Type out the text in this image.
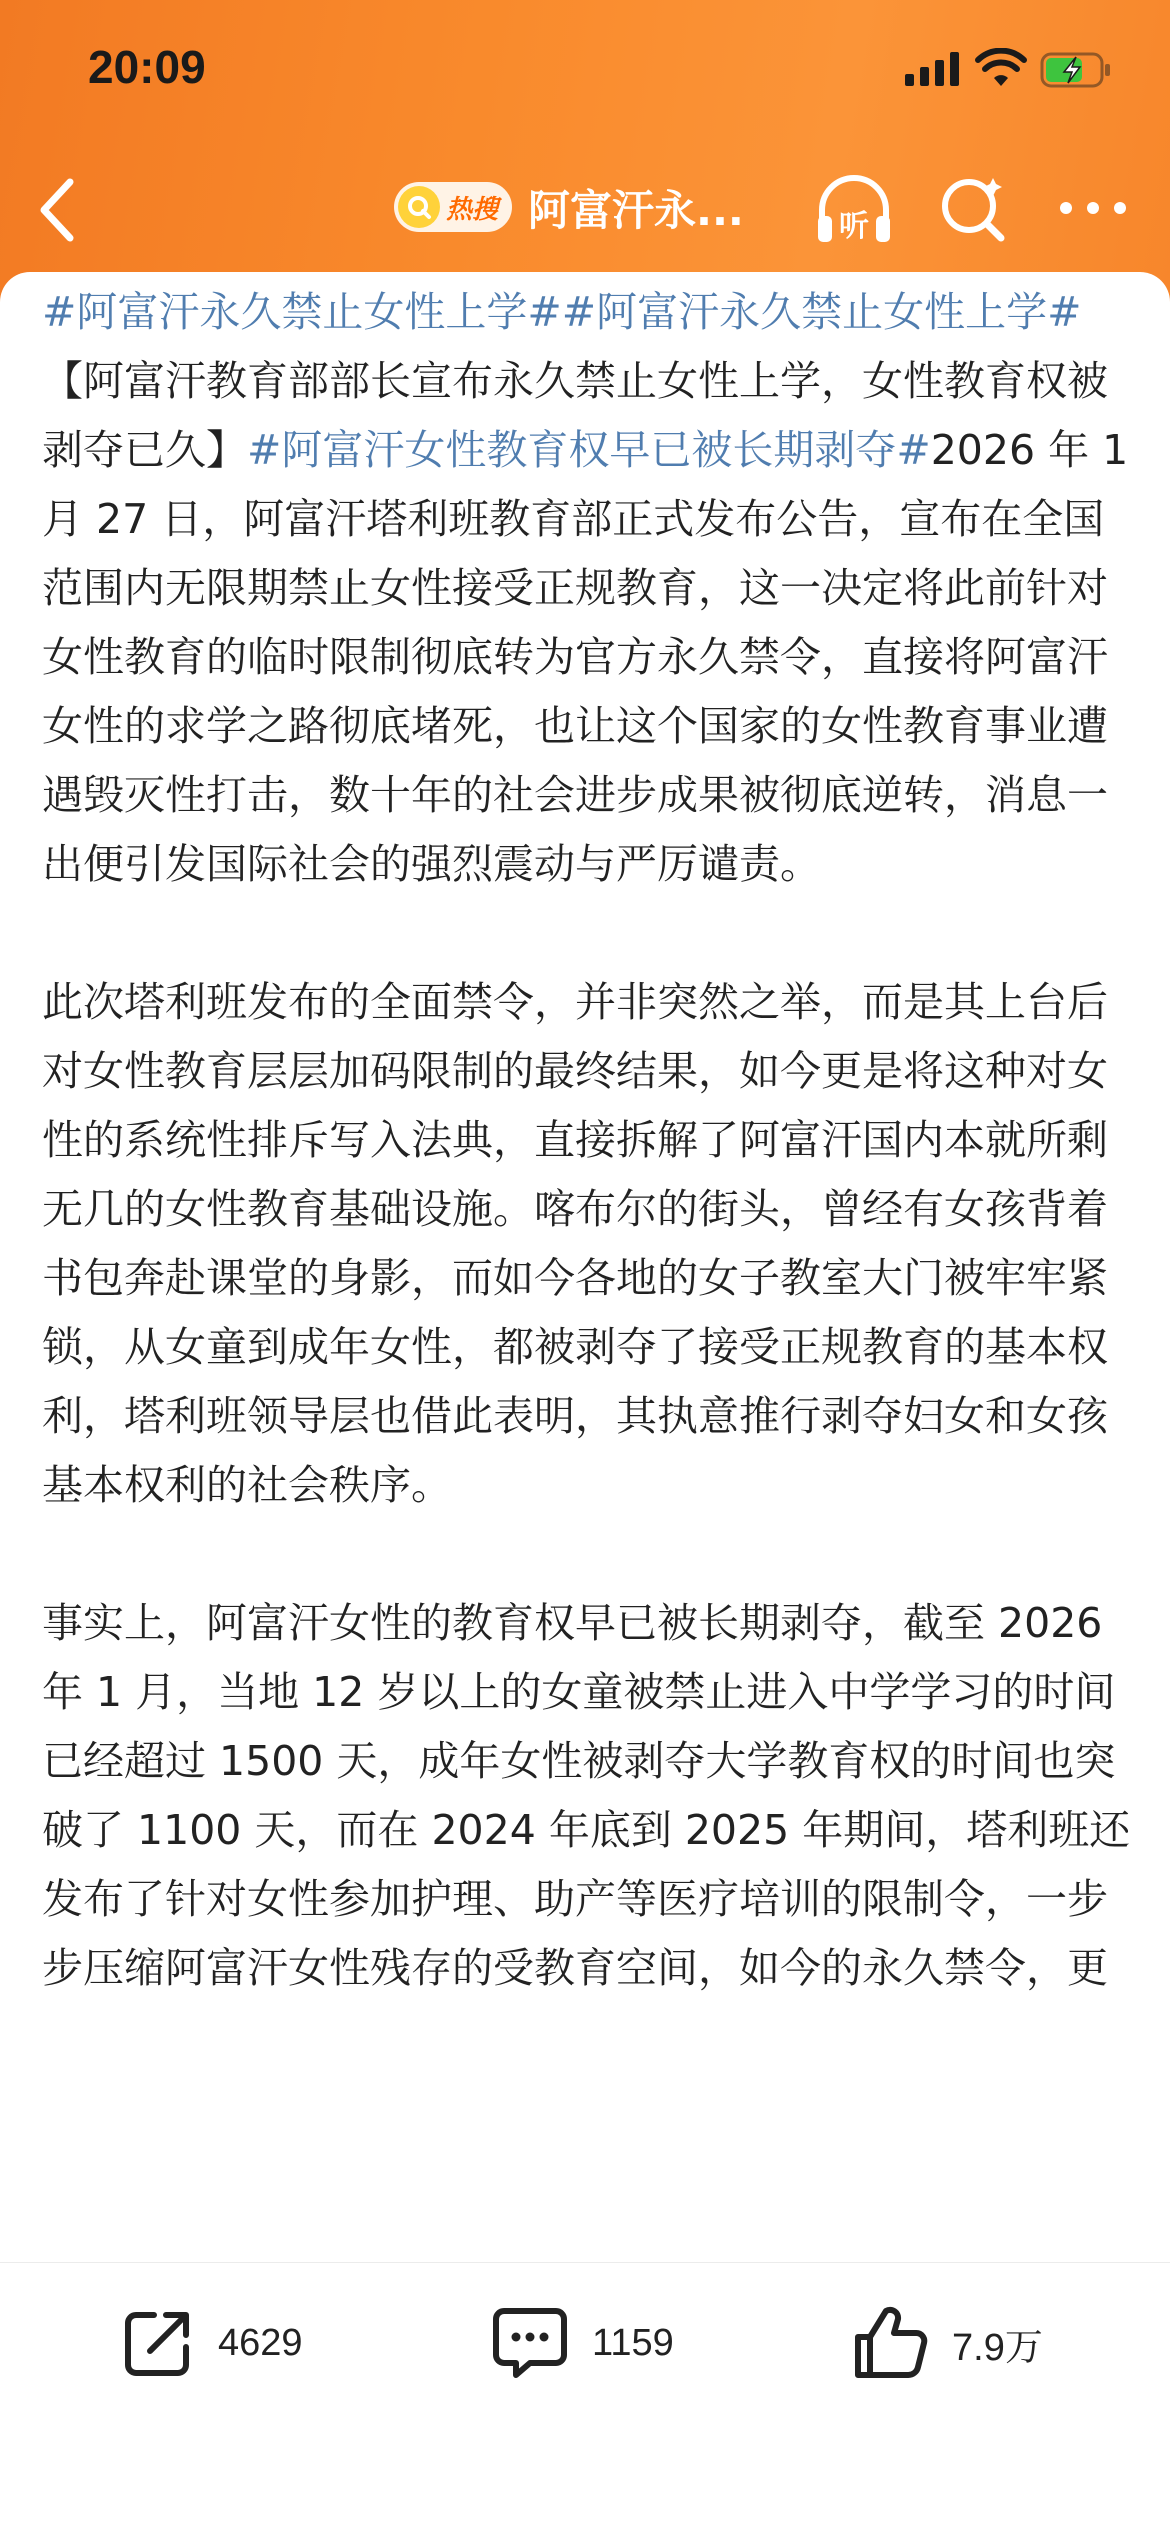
20:09
热搜 阿富汗永...	听

#阿富汗永久禁止女性上学##阿富汗永久禁止女性上学#【阿富汗教育部部长宣布永久禁止女性上学，女性教育权被剥夺已久】#阿富汗女性教育权早已被长期剥夺#2026 年 1 月 27 日，阿富汗塔利班教育部正式发布公告，宣布在全国范围内无限期禁止女性接受正规教育，这一决定将此前针对女性教育的临时限制彻底转为官方永久禁令，直接将阿富汗女性的求学之路彻底堵死，也让这个国家的女性教育事业遭遇毁灭性打击，数十年的社会进步成果被彻底逆转，消息一出便引发国际社会的强烈震动与严厉谴责。

此次塔利班发布的全面禁令，并非突然之举，而是其上台后对女性教育层层加码限制的最终结果，如今更是将这种对女性的系统性排斥写入法典，直接拆解了阿富汗国内本就所剩无几的女性教育基础设施。喀布尔的街头，曾经有女孩背着书包奔赴课堂的身影，而如今各地的女子教室大门被牢牢紧锁，从女童到成年女性，都被剥夺了接受正规教育的基本权利，塔利班领导层也借此表明，其执意推行剥夺妇女和女孩基本权利的社会秩序。

事实上，阿富汗女性的教育权早已被长期剥夺，截至 2026 年 1 月，当地 12 岁以上的女童被禁止进入中学学习的时间已经超过 1500 天，成年女性被剥夺大学教育权的时间也突破了 1100 天，而在 2024 年底到 2025 年期间，塔利班还发布了针对女性参加护理、助产等医疗培训的限制令，一步步压缩阿富汗女性残存的受教育空间，如今的永久禁令，更

4629	1159	7.9万
